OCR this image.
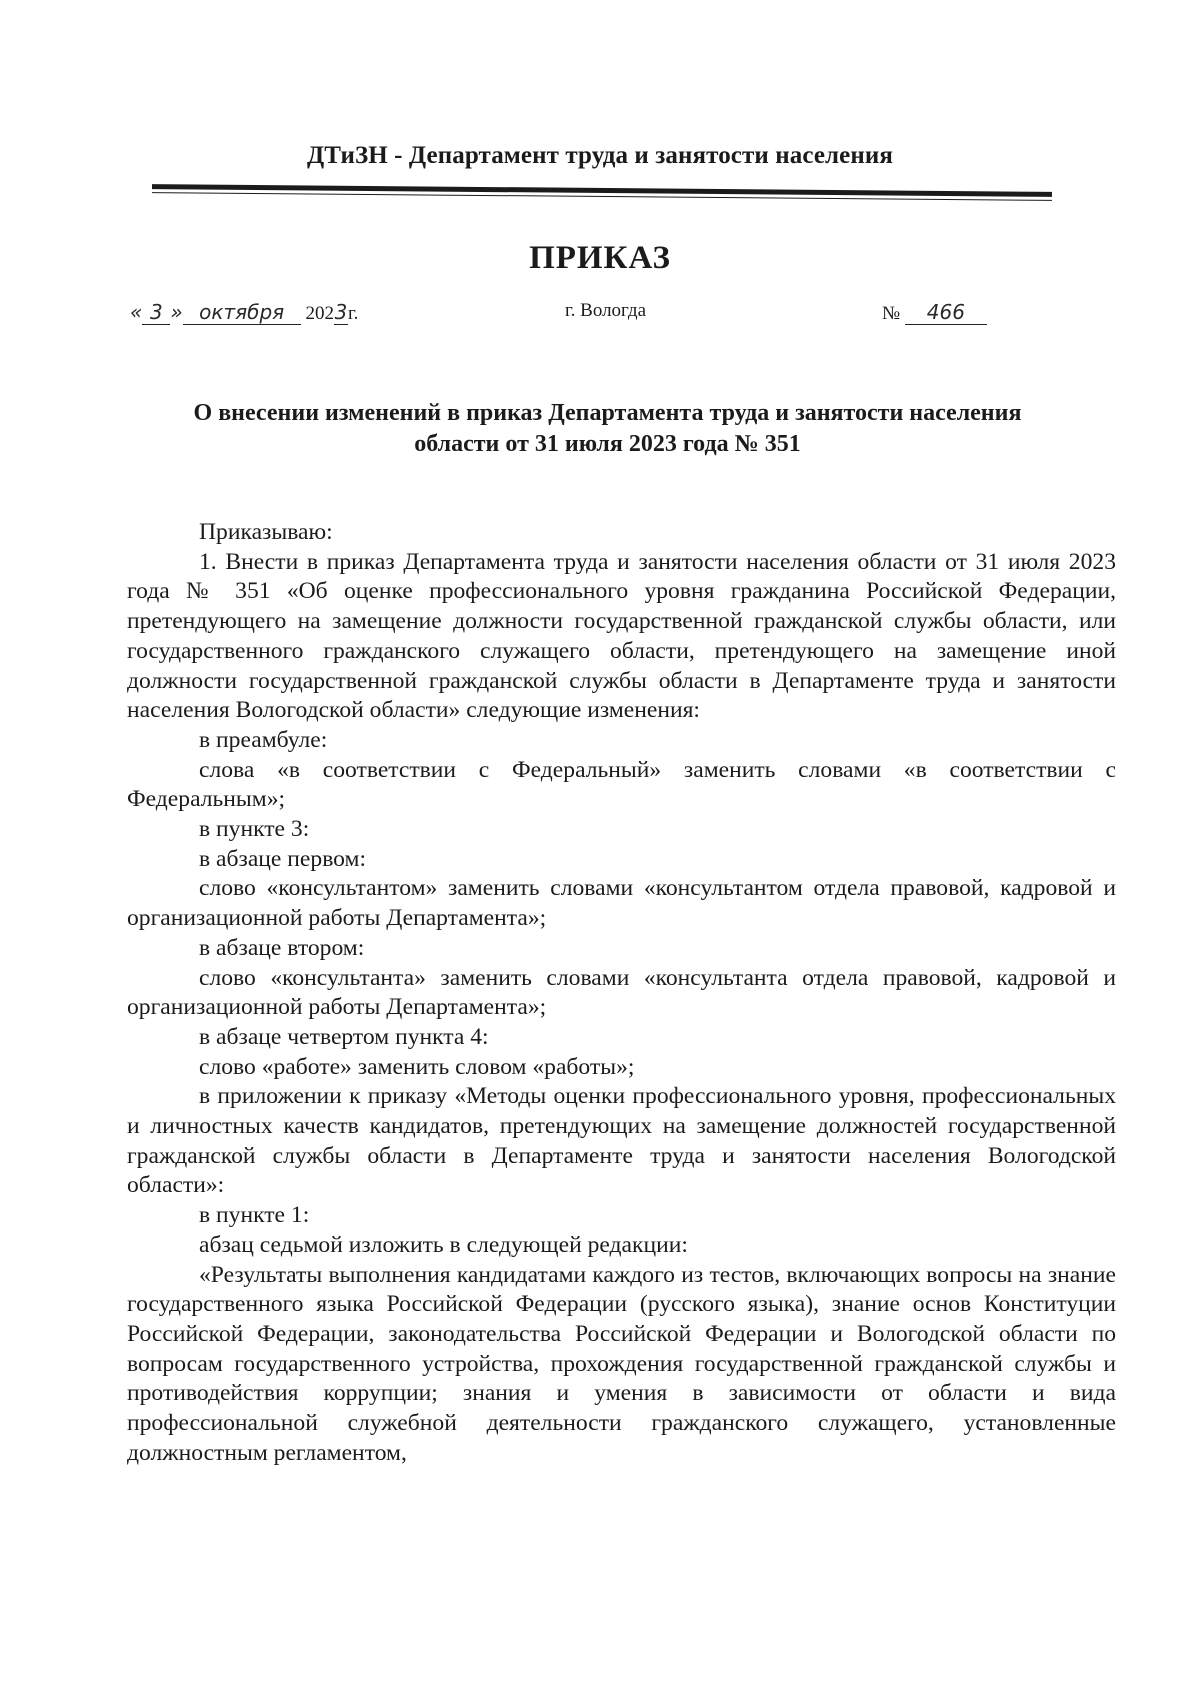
ДТиЗН - Департамент труда и занятости населения
ПРИКАЗ
« 3 » октября 2023г.	г. Вологда	№ 466
О внесении изменений в приказ Департамента труда и занятости населения области от 31 июля 2023 года № 351

Приказываю:

1. Внести в приказ Департамента труда и занятости населения области от 31 июля 2023 года № 351 «Об оценке профессионального уровня гражданина Российской Федерации, претендующего на замещение должности государственной гражданской службы области, или государственного гражданского служащего области, претендующего на замещение иной должности государственной гражданской службы области в Департаменте труда и занятости населения Вологодской области» следующие изменения:

в преамбуле:

слова «в соответствии с Федеральный» заменить словами «в соответствии с Федеральным»;

в пункте 3:

в абзаце первом:

слово «консультантом» заменить словами «консультантом отдела правовой, кадровой и организационной работы Департамента»;

в абзаце втором:

слово «консультанта» заменить словами «консультанта отдела правовой, кадровой и организационной работы Департамента»;

в абзаце четвертом пункта 4:

слово «работе» заменить словом «работы»;

в приложении к приказу «Методы оценки профессионального уровня, профессиональных и личностных качеств кандидатов, претендующих на замещение должностей государственной гражданской службы области в Департаменте труда и занятости населения Вологодской области»:

в пункте 1:

абзац седьмой изложить в следующей редакции:

«Результаты выполнения кандидатами каждого из тестов, включающих вопросы на знание государственного языка Российской Федерации (русского языка), знание основ Конституции Российской Федерации, законодательства Российской Федерации и Вологодской области по вопросам государственного устройства, прохождения государственной гражданской службы и противодействия коррупции; знания и умения в зависимости от области и вида профессиональной служебной деятельности гражданского служащего, установленные должностным регламентом,
